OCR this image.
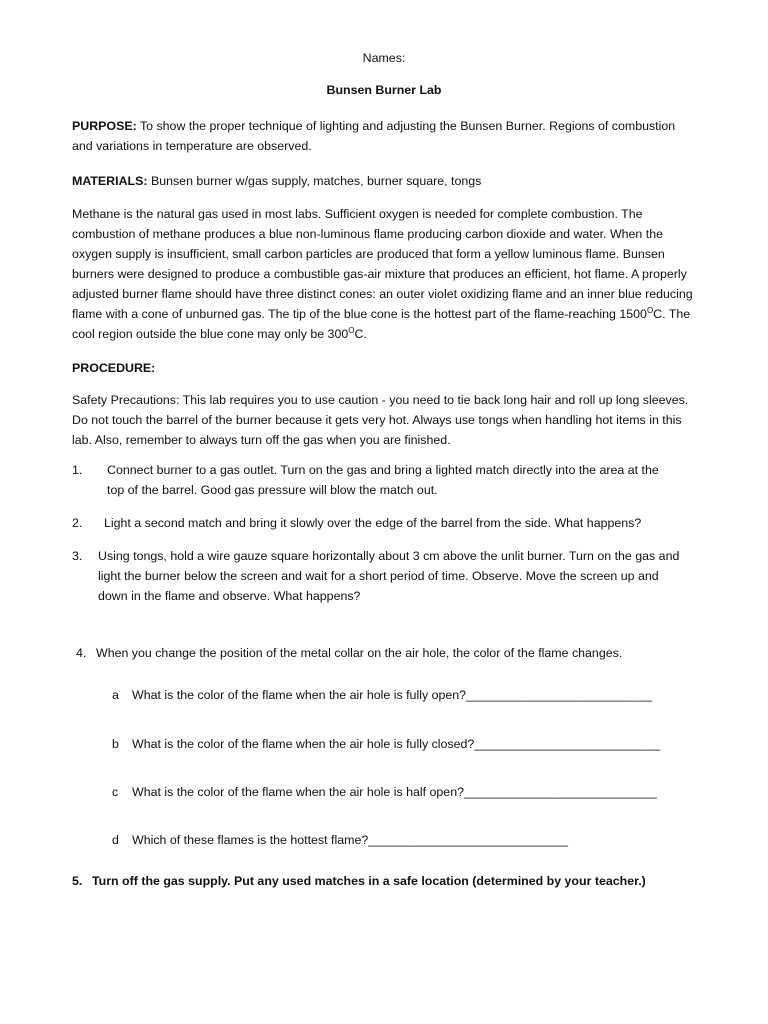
Names:
Bunsen Burner Lab

PURPOSE: To show the proper technique of lighting and adjusting the Bunsen Burner. Regions of combustion and variations in temperature are observed.

MATERIALS: Bunsen burner w/gas supply, matches, burner square, tongs

Methane is the natural gas used in most labs. Sufficient oxygen is needed for complete combustion. The combustion of methane produces a blue non-luminous flame producing carbon dioxide and water. When the oxygen supply is insufficient, small carbon particles are produced that form a yellow luminous flame. Bunsen burners were designed to produce a combustible gas-air mixture that produces an efficient, hot flame. A properly adjusted burner flame should have three distinct cones: an outer violet oxidizing flame and an inner blue reducing flame with a cone of unburned gas. The tip of the blue cone is the hottest part of the flame-reaching $1500^OC$. The cool region outside the blue cone may only be $300^OC$.

PROCEDURE:

Safety Precautions: This lab requires you to use caution - you need to tie back long hair and roll up long sleeves. Do not touch the barrel of the burner because it gets very hot. Always use tongs when handling hot items in this lab. Also, remember to always turn off the gas when you are finished.

1. Connect burner to a gas outlet. Turn on the gas and bring a lighted match directly into the area at the top of the barrel. Good gas pressure will blow the match out.

2. Light a second match and bring it slowly over the edge of the barrel from the side. What happens?

3. Using tongs, hold a wire gauze square horizontally about 3 cm above the unlit burner. Turn on the gas and light the burner below the screen and wait for a short period of time. Observe. Move the screen up and down in the flame and observe. What happens?

4. When you change the position of the metal collar on the air hole, the color of the flame changes.

a What is the color of the flame when the air hole is fully open?___________________________

b What is the color of the flame when the air hole is fully closed?___________________________

c What is the color of the flame when the air hole is half open?____________________________

d Which of these flames is the hottest flame?_____________________________

5. Turn off the gas supply. Put any used matches in a safe location (determined by your teacher.)
